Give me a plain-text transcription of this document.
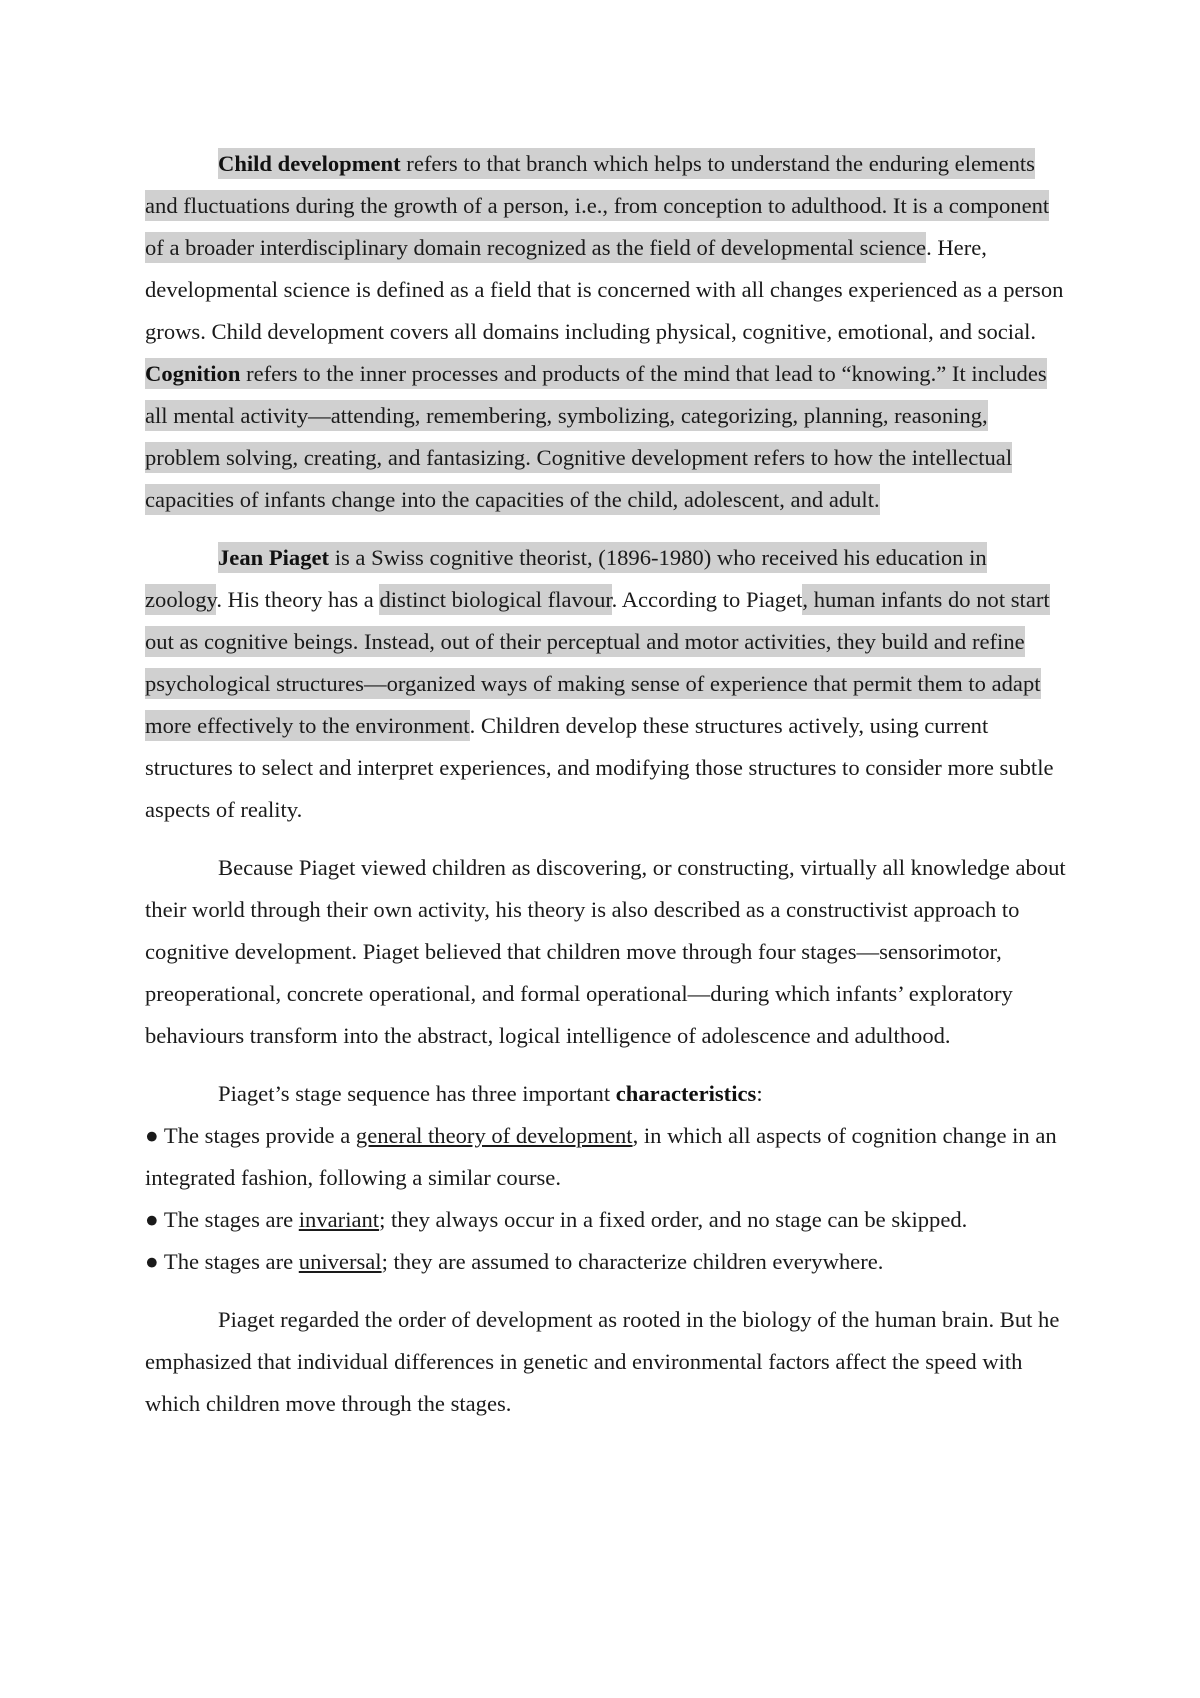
Child development refers to that branch which helps to understand the enduring elements and fluctuations during the growth of a person, i.e., from conception to adulthood. It is a component of a broader interdisciplinary domain recognized as the field of developmental science. Here, developmental science is defined as a field that is concerned with all changes experienced as a person grows. Child development covers all domains including physical, cognitive, emotional, and social. Cognition refers to the inner processes and products of the mind that lead to “knowing.” It includes all mental activity—attending, remembering, symbolizing, categorizing, planning, reasoning, problem solving, creating, and fantasizing. Cognitive development refers to how the intellectual capacities of infants change into the capacities of the child, adolescent, and adult.

Jean Piaget is a Swiss cognitive theorist, (1896-1980) who received his education in zoology. His theory has a distinct biological flavour. According to Piaget, human infants do not start out as cognitive beings. Instead, out of their perceptual and motor activities, they build and refine psychological structures—organized ways of making sense of experience that permit them to adapt more effectively to the environment. Children develop these structures actively, using current structures to select and interpret experiences, and modifying those structures to consider more subtle aspects of reality.

Because Piaget viewed children as discovering, or constructing, virtually all knowledge about their world through their own activity, his theory is also described as a constructivist approach to cognitive development. Piaget believed that children move through four stages—sensorimotor, preoperational, concrete operational, and formal operational—during which infants’ exploratory behaviours transform into the abstract, logical intelligence of adolescence and adulthood.

Piaget’s stage sequence has three important characteristics:

● The stages provide a general theory of development, in which all aspects of cognition change in an integrated fashion, following a similar course.
● The stages are invariant; they always occur in a fixed order, and no stage can be skipped.
● The stages are universal; they are assumed to characterize children everywhere.

Piaget regarded the order of development as rooted in the biology of the human brain. But he emphasized that individual differences in genetic and environmental factors affect the speed with which children move through the stages.
